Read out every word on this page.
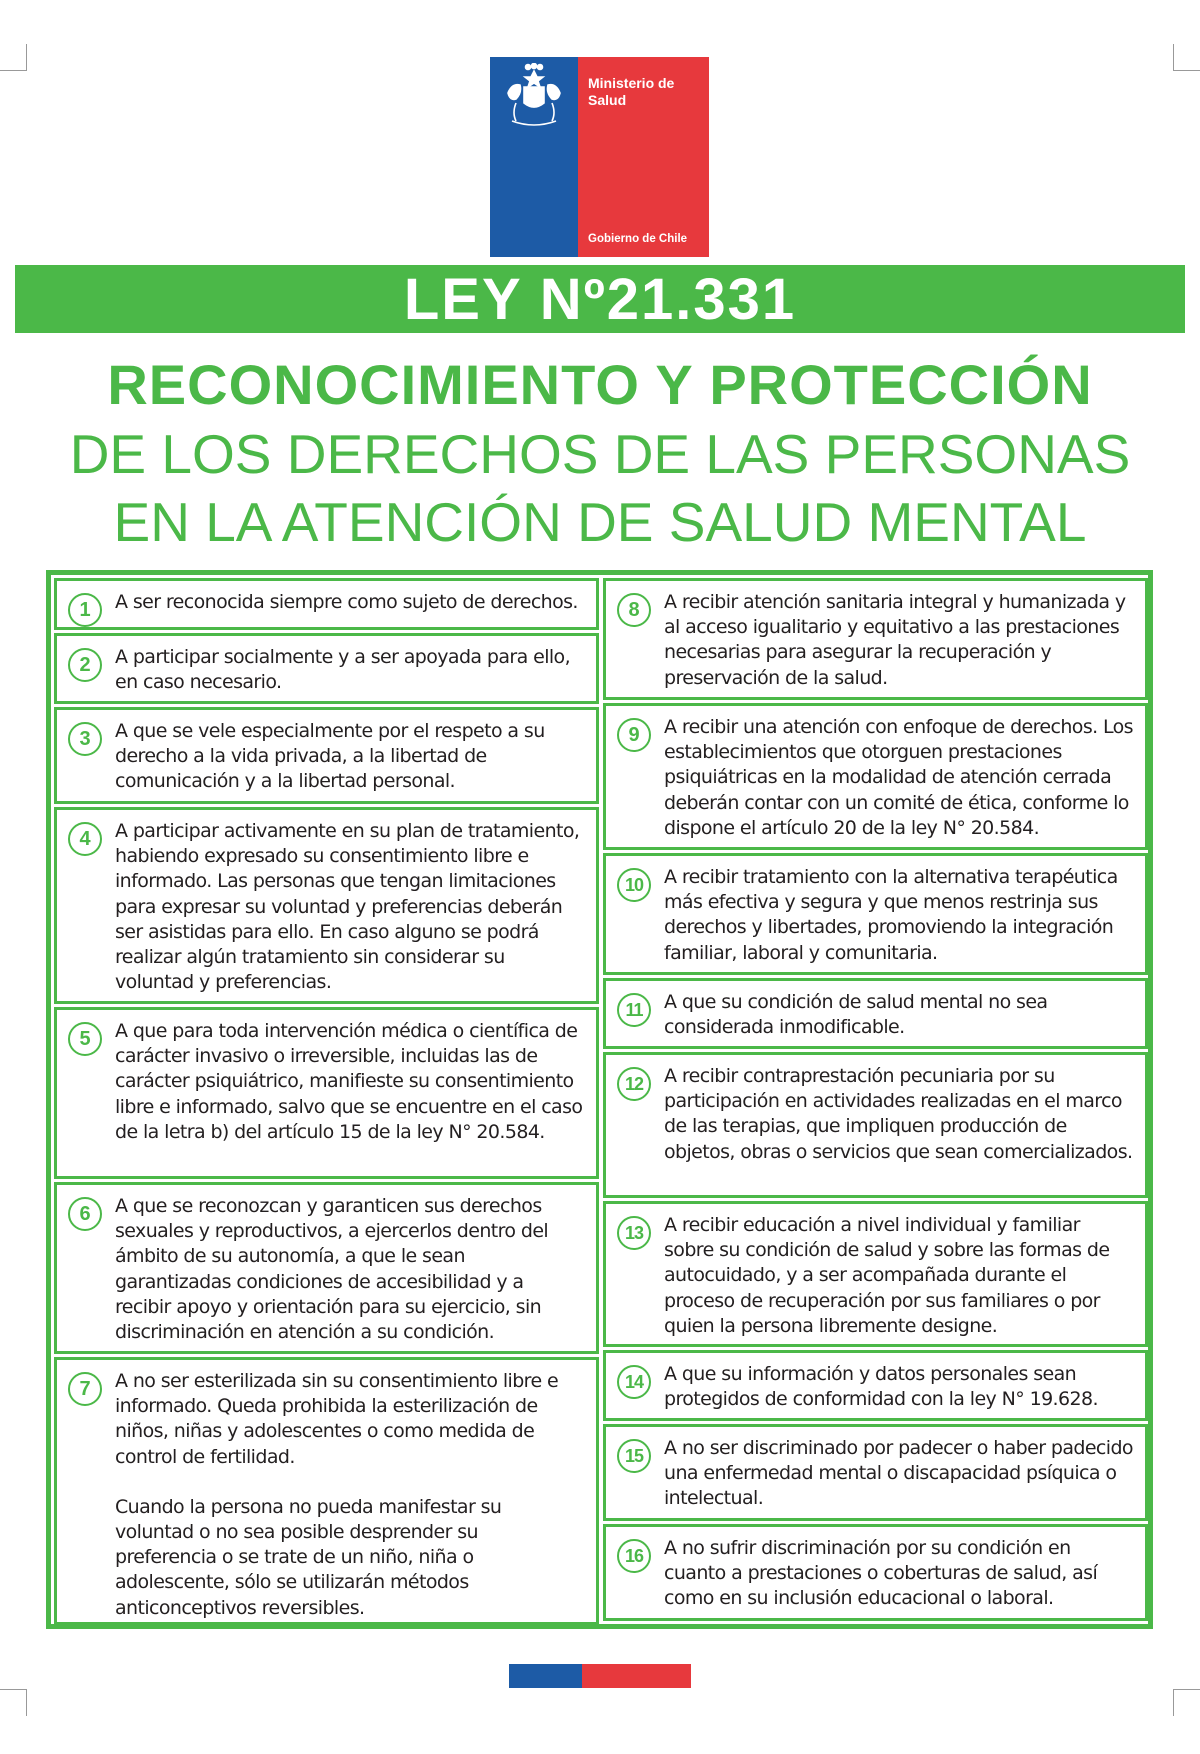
Ministerio de
Salud
Gobierno de Chile
LEY Nº21.331
RECONOCIMIENTO Y PROTECCIÓN
DE LOS DERECHOS DE LAS PERSONAS
EN LA ATENCIÓN DE SALUD MENTAL
1	A ser reconocida siempre como sujeto de derechos.
2	A participar socialmente y a ser apoyada para ello, en caso necesario.
3	A que se vele especialmente por el respeto a su derecho a la vida privada, a la libertad de comunicación y a la libertad personal.
4	A participar activamente en su plan de tratamiento, habiendo expresado su consentimiento libre e informado. Las personas que tengan limitaciones para expresar su voluntad y preferencias deberán ser asistidas para ello. En caso alguno se podrá realizar algún tratamiento sin considerar su voluntad y preferencias.
5	A que para toda intervención médica o científica de carácter invasivo o irreversible, incluidas las de carácter psiquiátrico, manifieste su consentimiento libre e informado, salvo que se encuentre en el caso de la letra b) del artículo 15 de la ley N° 20.584.
6	A que se reconozcan y garanticen sus derechos sexuales y reproductivos, a ejercerlos dentro del ámbito de su autonomía, a que le sean garantizadas condiciones de accesibilidad y a recibir apoyo y orientación para su ejercicio, sin discriminación en atención a su condición.
7	A no ser esterilizada sin su consentimiento libre e informado. Queda prohibida la esterilización de niños, niñas y adolescentes o como medida de control de fertilidad.

Cuando la persona no pueda manifestar su voluntad o no sea posible desprender su preferencia o se trate de un niño, niña o adolescente, sólo se utilizarán métodos anticonceptivos reversibles.

8	A recibir atención sanitaria integral y humanizada y al acceso igualitario y equitativo a las prestaciones necesarias para asegurar la recuperación y preservación de la salud.
9	A recibir una atención con enfoque de derechos. Los establecimientos que otorguen prestaciones psiquiátricas en la modalidad de atención cerrada deberán contar con un comité de ética, conforme lo dispone el artículo 20 de la ley N° 20.584.
10	A recibir tratamiento con la alternativa terapéutica más efectiva y segura y que menos restrinja sus derechos y libertades, promoviendo la integración familiar, laboral y comunitaria.
11	A que su condición de salud mental no sea considerada inmodificable.
12	A recibir contraprestación pecuniaria por su participación en actividades realizadas en el marco de las terapias, que impliquen producción de objetos, obras o servicios que sean comercializados.
13	A recibir educación a nivel individual y familiar sobre su condición de salud y sobre las formas de autocuidado, y a ser acompañada durante el proceso de recuperación por sus familiares o por quien la persona libremente designe.
14	A que su información y datos personales sean protegidos de conformidad con la ley N° 19.628.
15	A no ser discriminado por padecer o haber padecido una enfermedad mental o discapacidad psíquica o intelectual.
16	A no sufrir discriminación por su condición en cuanto a prestaciones o coberturas de salud, así como en su inclusión educacional o laboral.
